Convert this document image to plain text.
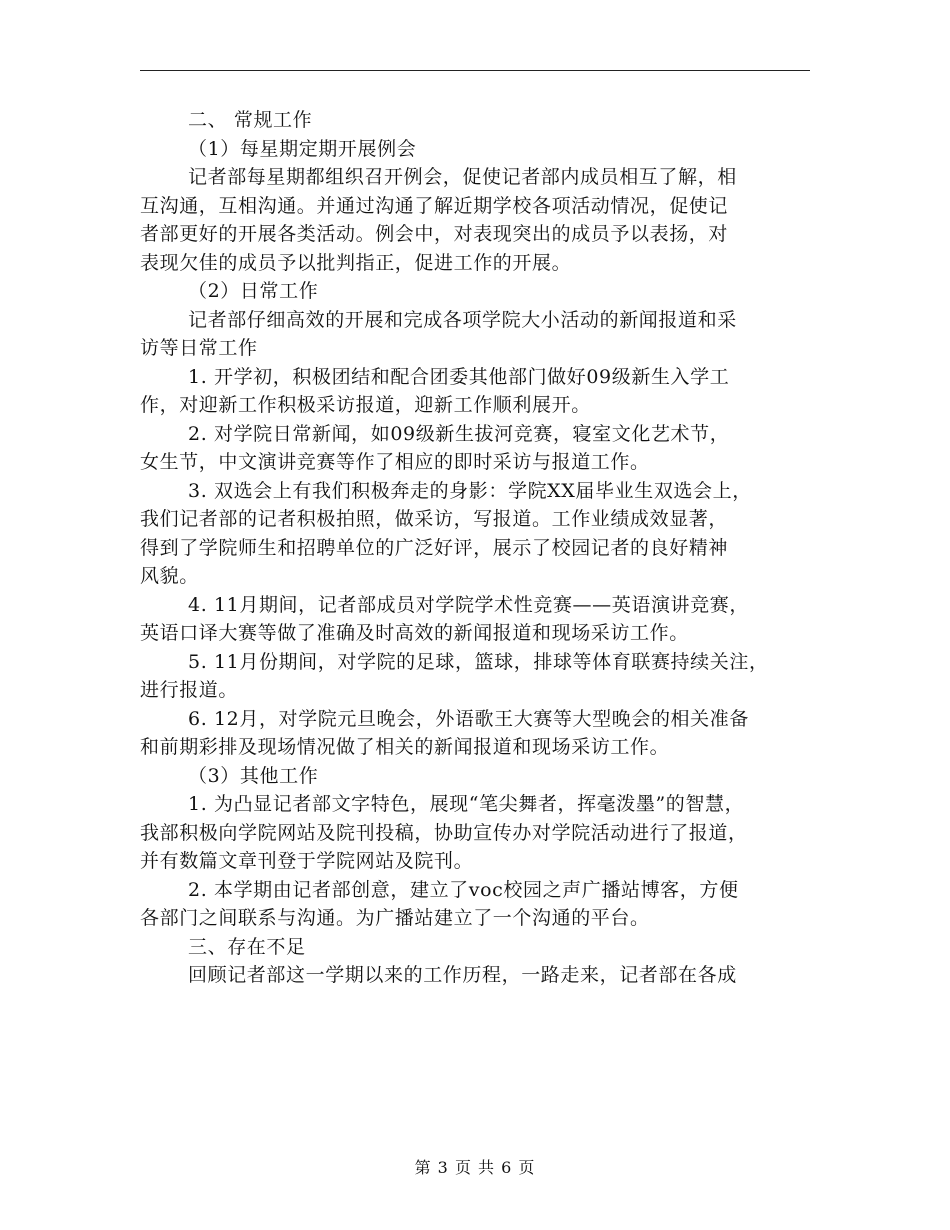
二、 常规工作
（1）每星期定期开展例会
记者部每星期都组织召开例会，促使记者部内成员相互了解，相
互沟通，互相沟通。并通过沟通了解近期学校各项活动情况，促使记
者部更好的开展各类活动。例会中，对表现突出的成员予以表扬，对
表现欠佳的成员予以批判指正，促进工作的开展。
（2）日常工作
记者部仔细高效的开展和完成各项学院大小活动的新闻报道和采
访等日常工作
1. 开学初，积极团结和配合团委其他部门做好09级新生入学工
作，对迎新工作积极采访报道，迎新工作顺利展开。
2. 对学院日常新闻，如09级新生拔河竞赛，寝室文化艺术节，
女生节，中文演讲竞赛等作了相应的即时采访与报道工作。
3. 双选会上有我们积极奔走的身影：学院XX届毕业生双选会上，
我们记者部的记者积极拍照，做采访，写报道。工作业绩成效显著，
得到了学院师生和招聘单位的广泛好评，展示了校园记者的良好精神
风貌。
4. 11月期间，记者部成员对学院学术性竞赛——英语演讲竞赛，
英语口译大赛等做了准确及时高效的新闻报道和现场采访工作。
5. 11月份期间，对学院的足球，篮球，排球等体育联赛持续关注，
进行报道。
6. 12月，对学院元旦晚会，外语歌王大赛等大型晚会的相关准备
和前期彩排及现场情况做了相关的新闻报道和现场采访工作。
（3）其他工作
1. 为凸显记者部文字特色，展现“笔尖舞者，挥毫泼墨”的智慧，
我部积极向学院网站及院刊投稿，协助宣传办对学院活动进行了报道，
并有数篇文章刊登于学院网站及院刊。
2. 本学期由记者部创意，建立了voc校园之声广播站博客，方便
各部门之间联系与沟通。为广播站建立了一个沟通的平台。
三、存在不足
回顾记者部这一学期以来的工作历程，一路走来，记者部在各成
第 3 页 共 6 页
